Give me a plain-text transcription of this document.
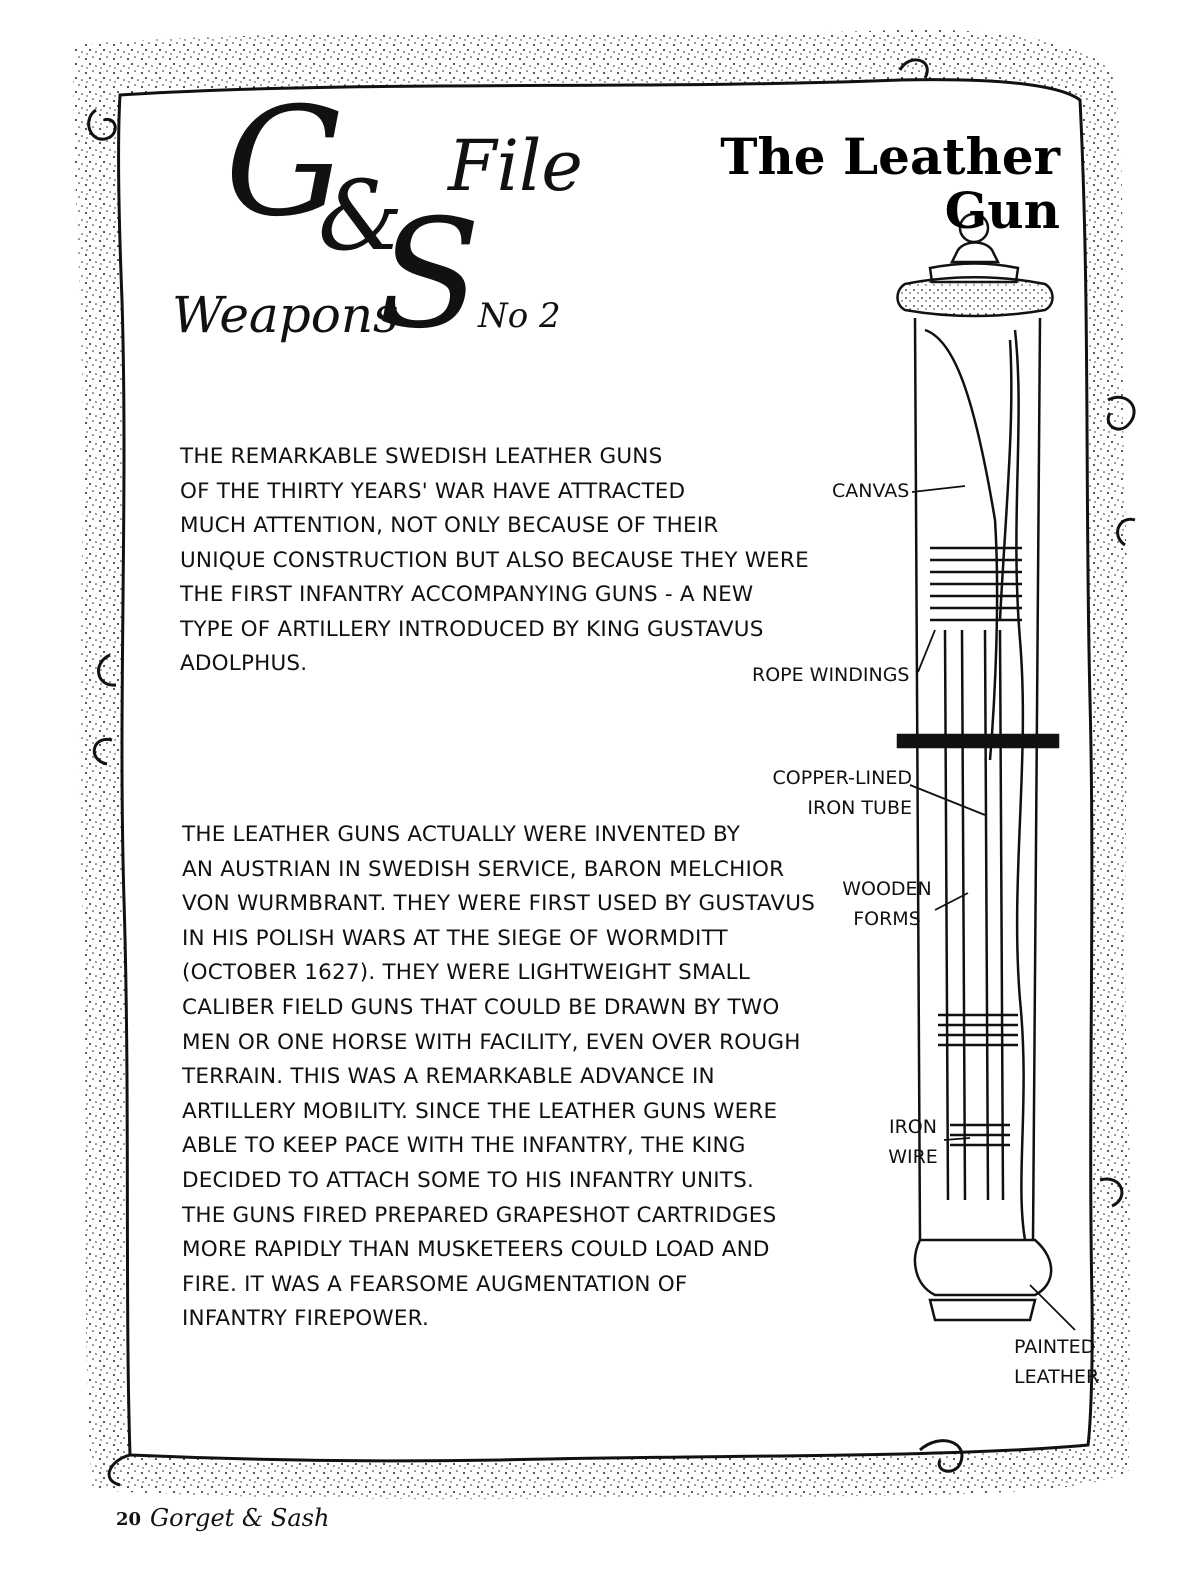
G
&
S
File
Weapons No 2
The Leather
Gun
THE REMARKABLE SWEDISH LEATHER GUNS
OF THE THIRTY YEARS' WAR HAVE ATTRACTED
MUCH ATTENTION, NOT ONLY BECAUSE OF THEIR
UNIQUE CONSTRUCTION BUT ALSO BECAUSE THEY WERE
THE FIRST INFANTRY ACCOMPANYING GUNS - A NEW
TYPE OF ARTILLERY INTRODUCED BY KING GUSTAVUS
ADOLPHUS.
THE LEATHER GUNS ACTUALLY WERE INVENTED BY
AN AUSTRIAN IN SWEDISH SERVICE, BARON MELCHIOR
VON WURMBRANT. THEY WERE FIRST USED BY GUSTAVUS
IN HIS POLISH WARS AT THE SIEGE OF WORMDITT
(OCTOBER 1627). THEY WERE LIGHTWEIGHT SMALL
CALIBER FIELD GUNS THAT COULD BE DRAWN BY TWO
MEN OR ONE HORSE WITH FACILITY, EVEN OVER ROUGH
TERRAIN. THIS WAS A REMARKABLE ADVANCE IN
ARTILLERY MOBILITY. SINCE THE LEATHER GUNS WERE
ABLE TO KEEP PACE WITH THE INFANTRY, THE KING
DECIDED TO ATTACH SOME TO HIS INFANTRY UNITS.
THE GUNS FIRED PREPARED GRAPESHOT CARTRIDGES
MORE RAPIDLY THAN MUSKETEERS COULD LOAD AND
FIRE. IT WAS A FEARSOME AUGMENTATION OF
INFANTRY FIREPOWER.
CANVAS
ROPE WINDINGS
COPPER-LINED
IRON TUBE
WOODEN
FORMS
IRON
WIRE
PAINTED
LEATHER
20 Gorget & Sash
